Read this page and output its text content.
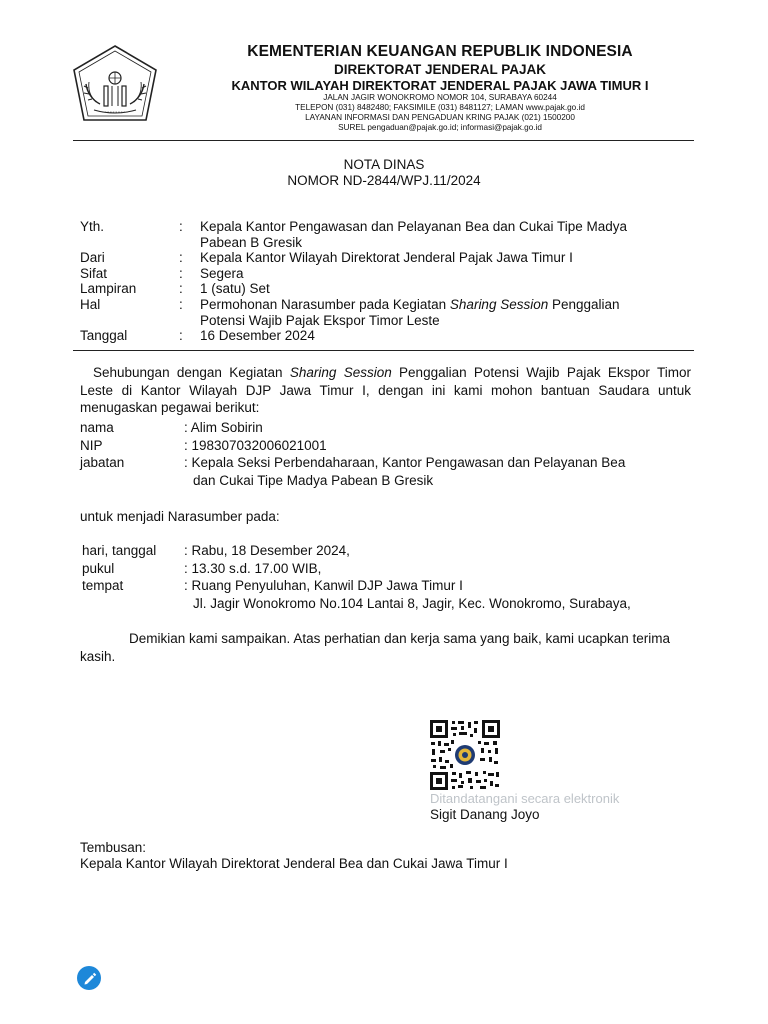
KEMENTERIAN KEUANGAN REPUBLIK INDONESIA
DIREKTORAT JENDERAL PAJAK
KANTOR WILAYAH DIREKTORAT JENDERAL PAJAK JAWA TIMUR I
JALAN JAGIR WONOKROMO NOMOR 104, SURABAYA 60244
TELEPON (031) 8482480; FAKSIMILE (031) 8481127; LAMAN www.pajak.go.id
LAYANAN INFORMASI DAN PENGADUAN KRING PAJAK (021) 1500200
SUREL pengaduan@pajak.go.id; informasi@pajak.go.id
NOTA DINAS
NOMOR ND-2844/WPJ.11/2024
Yth.	:	Kepala Kantor Pengawasan dan Pelayanan Bea dan Cukai Tipe Madya
Pabean B Gresik
Dari	:	Kepala Kantor Wilayah Direktorat Jenderal Pajak Jawa Timur I
Sifat	:	Segera
Lampiran	:	1 (satu) Set
Hal	:	Permohonan Narasumber pada Kegiatan Sharing Session Penggalian
Potensi Wajib Pajak Ekspor Timor Leste
Tanggal	:	16 Desember 2024
Sehubungan dengan Kegiatan Sharing Session Penggalian Potensi Wajib Pajak Ekspor Timor Leste di Kantor Wilayah DJP Jawa Timur I, dengan ini kami mohon bantuan Saudara untuk menugaskan pegawai berikut:
nama	: Alim Sobirin
NIP	: 198307032006021001
jabatan	: Kepala Seksi Perbendaharaan, Kantor Pengawasan dan Pelayanan Bea
dan Cukai Tipe Madya Pabean B Gresik
untuk menjadi Narasumber pada:
hari, tanggal	: Rabu, 18 Desember 2024,
pukul	: 13.30 s.d. 17.00 WIB,
tempat	: Ruang Penyuluhan, Kanwil DJP Jawa Timur I
Jl. Jagir Wonokromo No.104 Lantai 8, Jagir, Kec. Wonokromo, Surabaya,
Demikian kami sampaikan. Atas perhatian dan kerja sama yang baik, kami ucapkan terima kasih.
Ditandatangani secara elektronik
Sigit Danang Joyo
Tembusan:
Kepala Kantor Wilayah Direktorat Jenderal Bea dan Cukai Jawa Timur I
